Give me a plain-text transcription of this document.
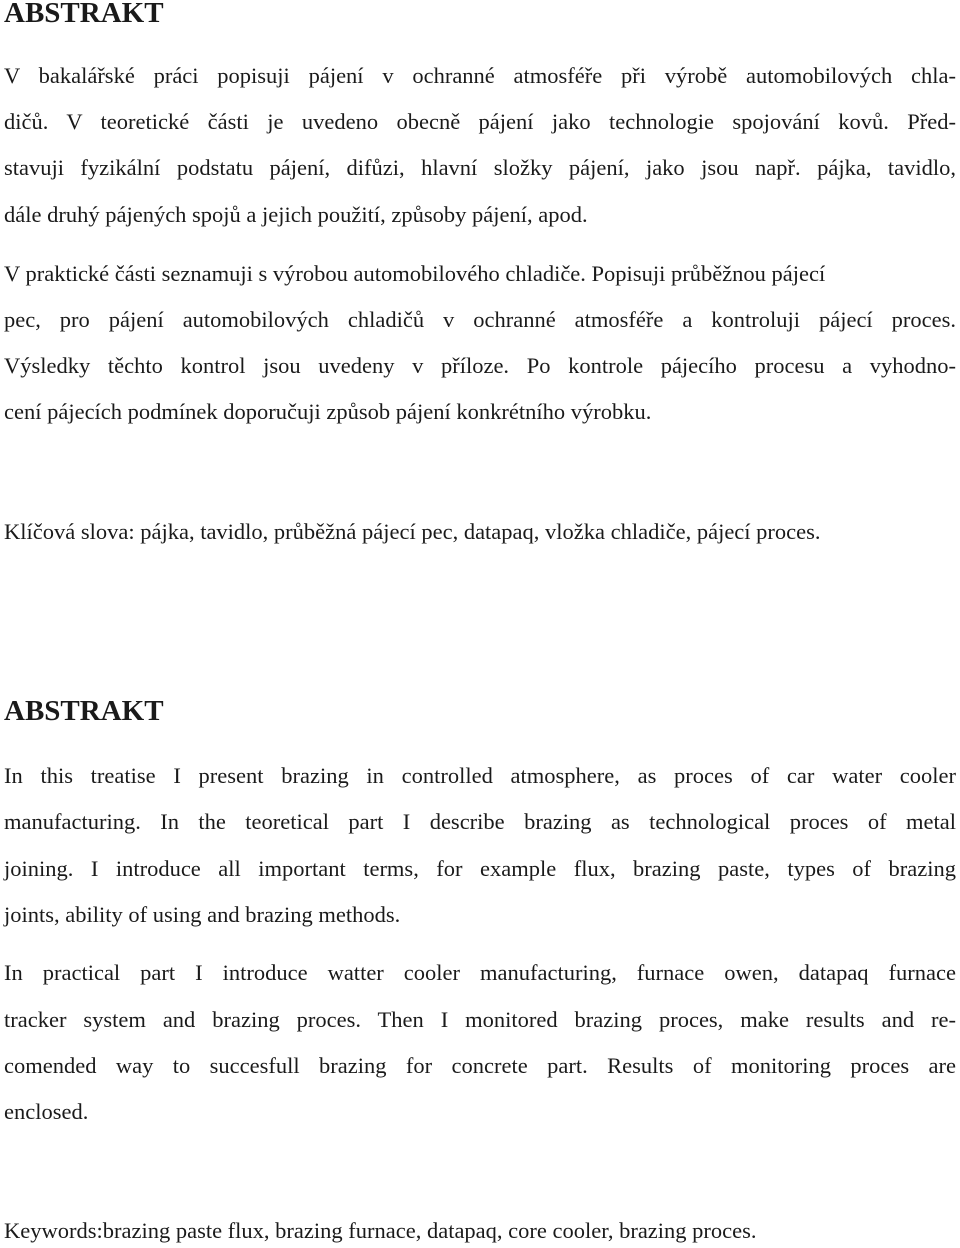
ABSTRAKT
V bakalářské práci popisuji pájení v ochranné atmosféře při výrobě automobilových chla-
dičů. V teoretické části je uvedeno obecně pájení jako technologie spojování kovů. Před-
stavuji fyzikální podstatu pájení, difůzi, hlavní složky pájení, jako jsou např. pájka, tavidlo,
dále druhý pájených spojů a jejich použití, způsoby pájení, apod.
V praktické části seznamuji s výrobou automobilového chladiče. Popisuji průběžnou pájecí
pec, pro pájení automobilových chladičů v ochranné atmosféře a kontroluji pájecí proces.
Výsledky těchto kontrol jsou uvedeny v příloze. Po kontrole pájecího procesu a vyhodno-
cení pájecích podmínek doporučuji způsob pájení konkrétního výrobku.
Klíčová slova: pájka, tavidlo, průběžná pájecí pec, datapaq, vložka chladiče, pájecí proces.
ABSTRAKT
In this treatise I present brazing in controlled atmosphere, as proces of car water cooler
manufacturing. In the teoretical part I describe brazing as technological proces of metal
joining. I introduce all important terms, for example flux, brazing paste, types of brazing
joints, ability of using and brazing methods.
In practical part I introduce watter cooler manufacturing, furnace owen, datapaq furnace
tracker system and brazing proces. Then I monitored brazing proces, make results and re-
comended way to succesfull brazing for concrete part. Results of monitoring proces are
enclosed.
Keywords:brazing paste flux, brazing furnace, datapaq, core cooler, brazing proces.
